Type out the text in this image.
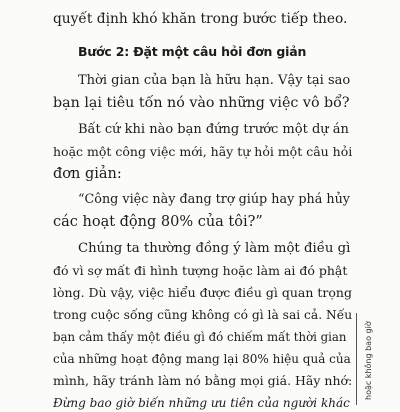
quyết định khó khăn trong bước tiếp theo.
Bước 2: Đặt một câu hỏi đơn giản
Thời gian của bạn là hữu hạn. Vậy tại sao
bạn lại tiêu tốn nó vào những việc vô bổ?
Bất cứ khi nào bạn đứng trước một dự án
hoặc một công việc mới, hãy tự hỏi một câu hỏi
đơn giản:
“Công việc này đang trợ giúp hay phá hủy
các hoạt động 80% của tôi?”
Chúng ta thường đồng ý làm một điều gì
đó vì sợ mất đi hình tượng hoặc làm ai đó phật
lòng. Dù vậy, việc hiểu được điều gì quan trọng
trong cuộc sống cũng không có gì là sai cả. Nếu
bạn cảm thấy một điều gì đó chiếm mất thời gian
của những hoạt động mang lại 80% hiệu quả của
mình, hãy tránh làm nó bằng mọi giá. Hãy nhớ:
Đừng bao giờ biến những ưu tiên của người khác
hoặc không bao giờ
